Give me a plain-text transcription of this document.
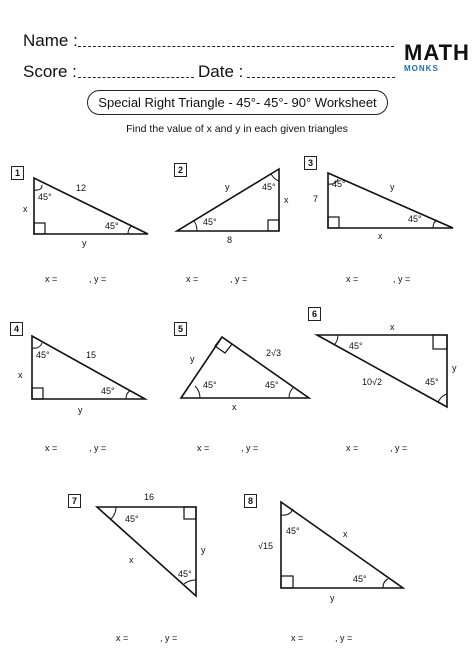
Name :
Score :	Date :
MATH
MONKS
Special Right Triangle - 45°- 45°- 90° Worksheet
Find the value of x and y in each given triangles
1
x
12
y
45°
45°
y
x
8
45°
45°
7
y
x
45°
45°
x
15
y
45°
45°
y
2√3
x
45°	45°
x
y
10√2
45°
45°
16
y
x
45°
45°
√15
x
y
45°
45°
2
3
4	5
6
7	8
x =	, y =	x =	, y =	x =	, y =
x =	, y =	x =	, y =	x =	, y =
x =	, y =	x =	, y =
